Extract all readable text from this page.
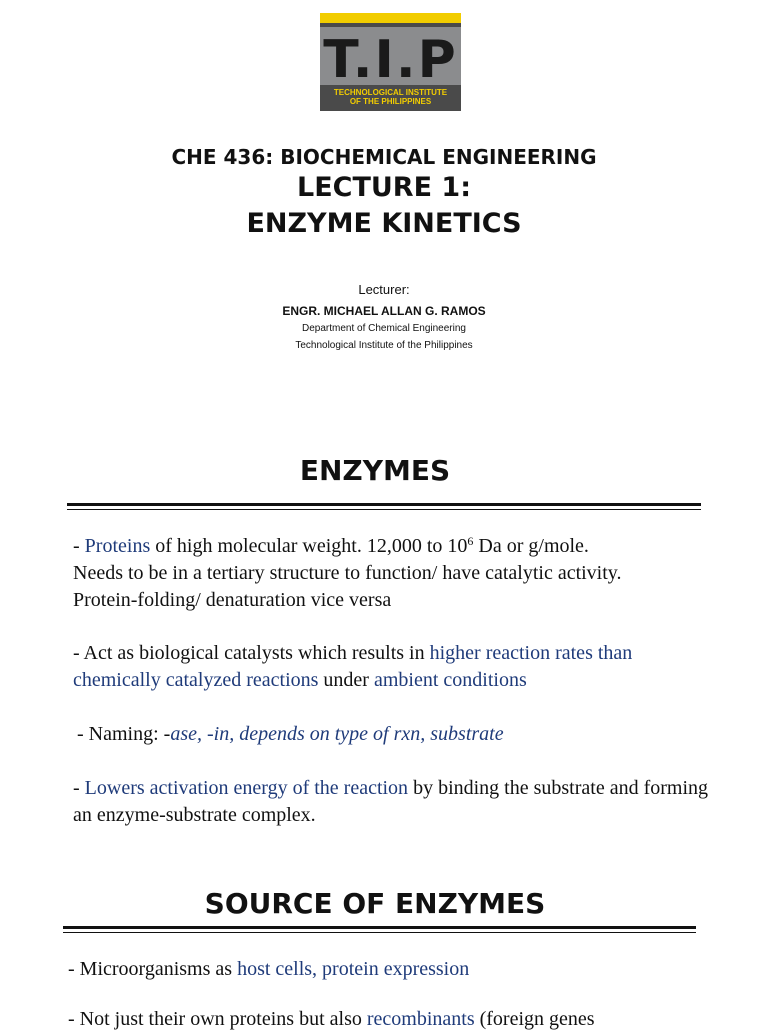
T.I.P
TECHNOLOGICAL INSTITUTE
OF THE PHILIPPINES
CHE 436: BIOCHEMICAL ENGINEERING
LECTURE 1:
ENZYME KINETICS
Lecturer:
ENGR. MICHAEL ALLAN G. RAMOS
Department of Chemical Engineering
Technological Institute of the Philippines
ENZYMES
- Proteins of high molecular weight. 12,000 to $10^6$ Da or g/mole.
Needs to be in a tertiary structure to function/ have catalytic activity.
Protein-folding/ denaturation vice versa
- Act as biological catalysts which results in higher reaction rates than chemically catalyzed reactions under ambient conditions
- Naming: -ase, -in, depends on type of rxn, substrate
- Lowers activation energy of the reaction by binding the substrate and forming an enzyme-substrate complex.
SOURCE OF ENZYMES
- Microorganisms as host cells, protein expression
- Not just their own proteins but also recombinants (foreign genes
